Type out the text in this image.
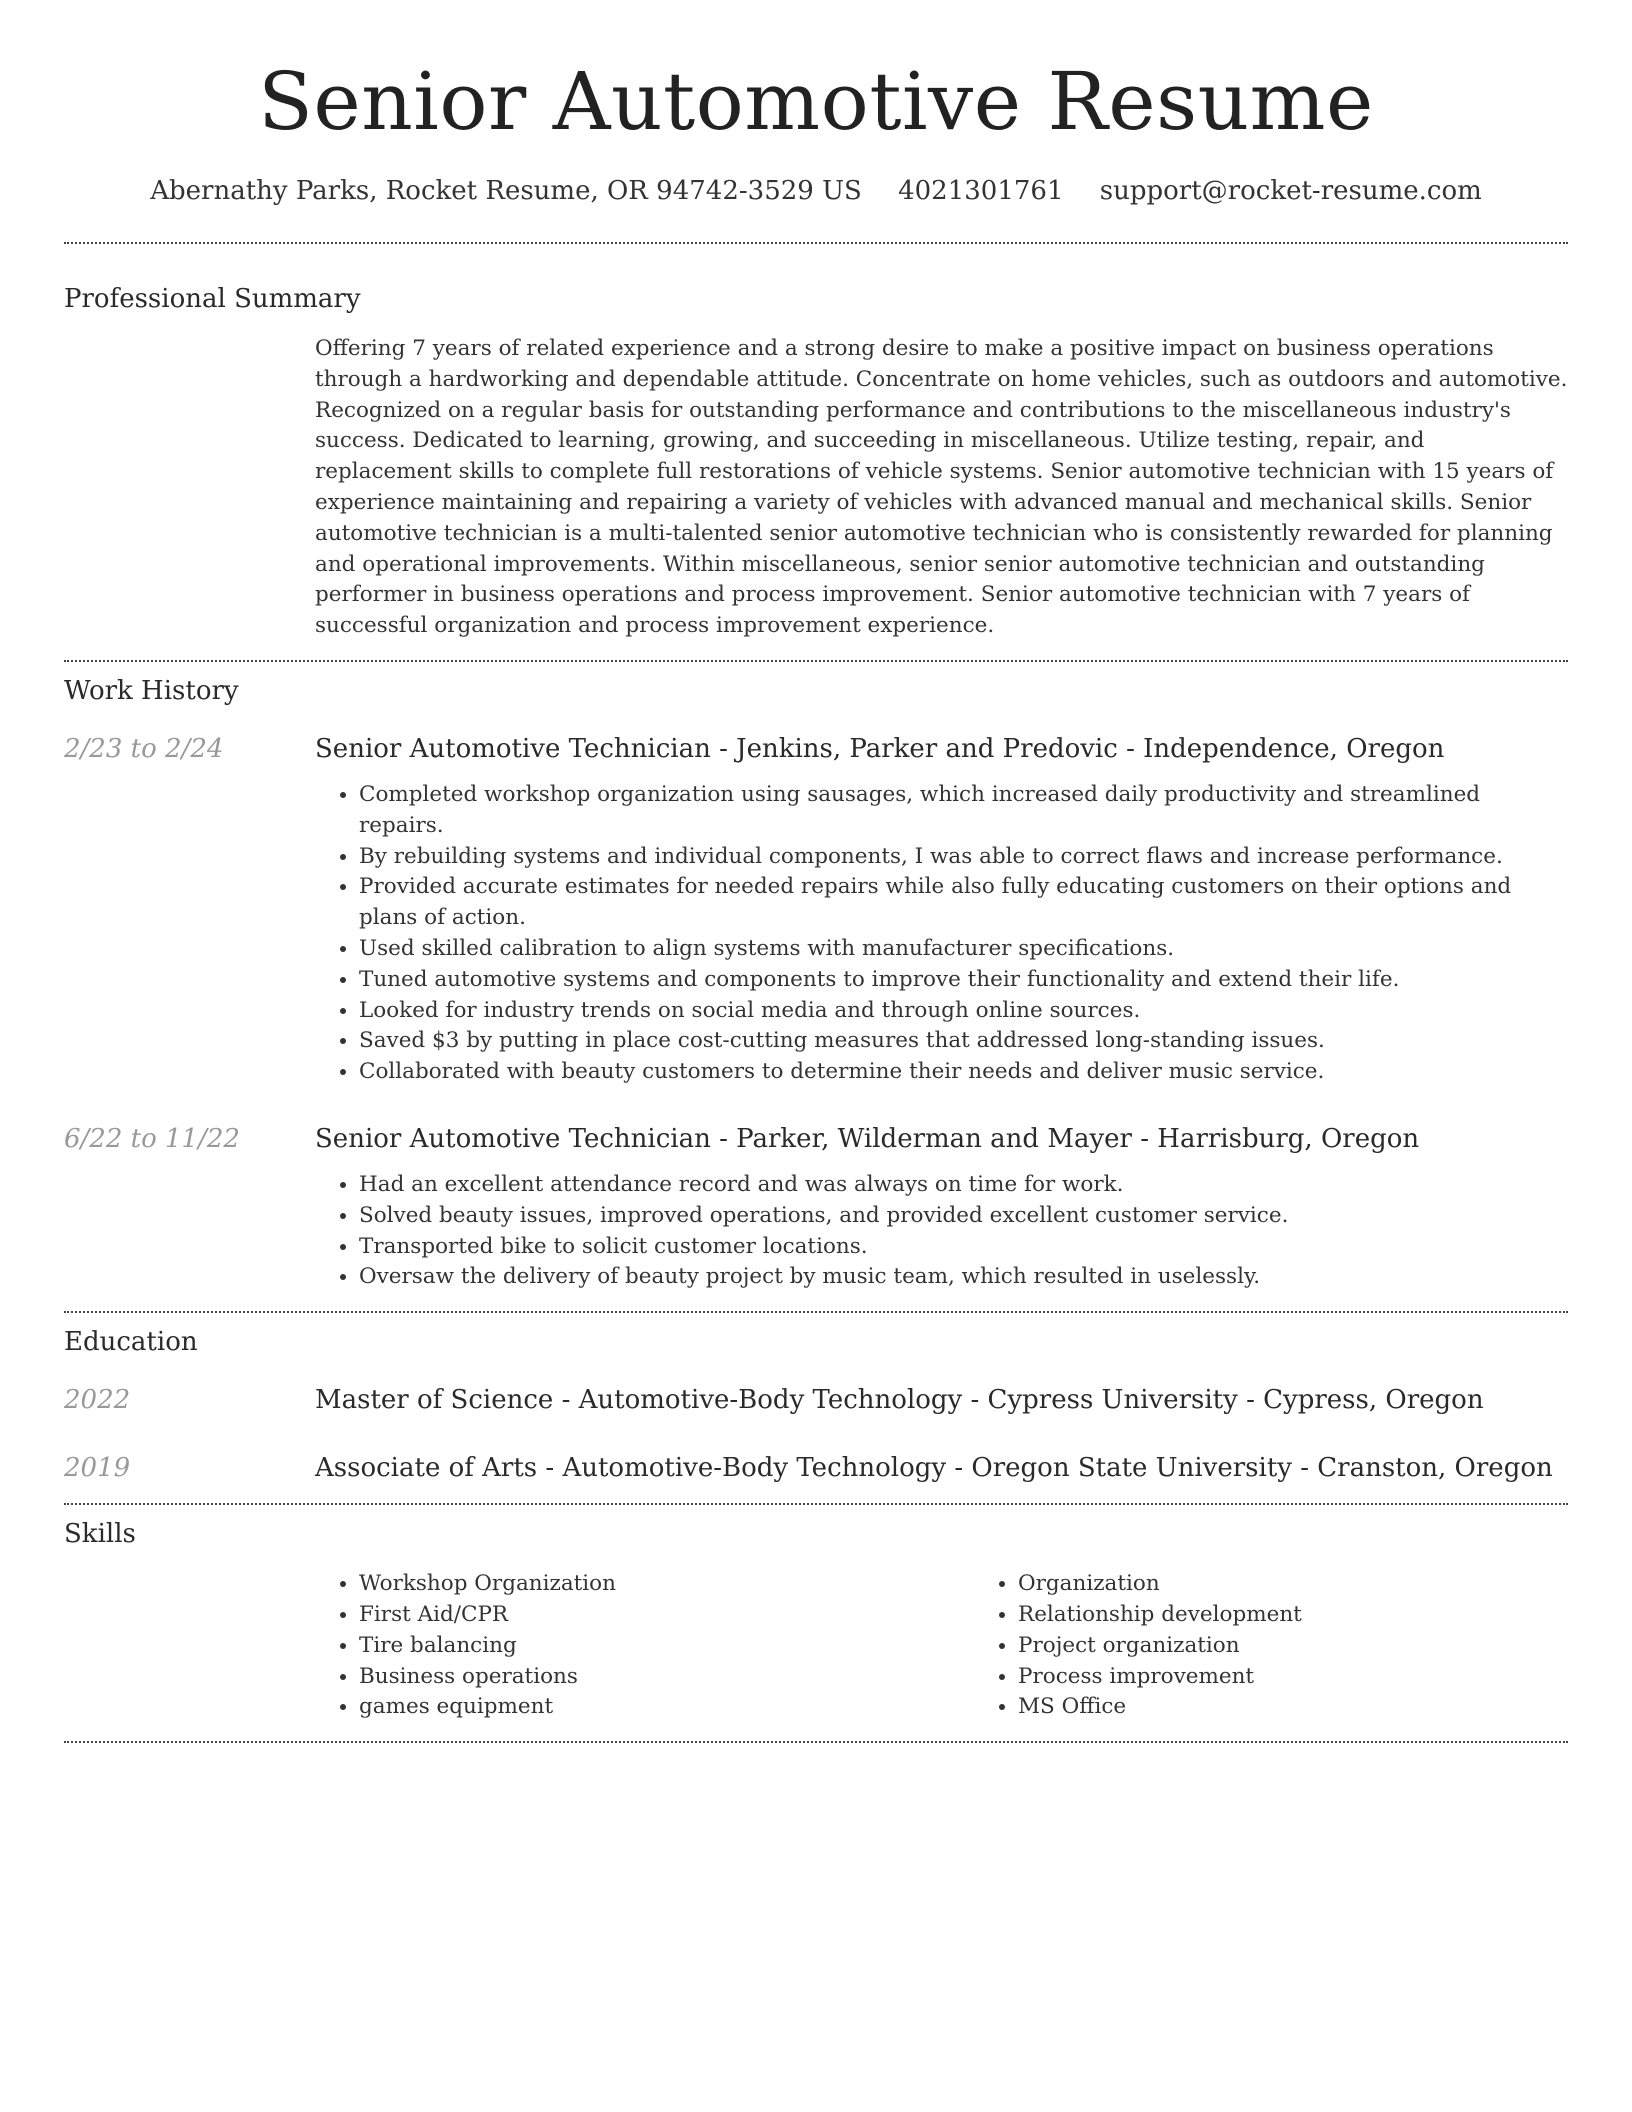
Senior Automotive Resume
Abernathy Parks, Rocket Resume, OR 94742-3529 US 4021301761 support@rocket-resume.com
Professional Summary

Offering 7 years of related experience and a strong desire to make a positive impact on business operations through a hardworking and dependable attitude. Concentrate on home vehicles, such as outdoors and automotive. Recognized on a regular basis for outstanding performance and contributions to the miscellaneous industry's success. Dedicated to learning, growing, and succeeding in miscellaneous. Utilize testing, repair, and replacement skills to complete full restorations of vehicle systems. Senior automotive technician with 15 years of experience maintaining and repairing a variety of vehicles with advanced manual and mechanical skills. Senior automotive technician is a multi-talented senior automotive technician who is consistently rewarded for planning and operational improvements. Within miscellaneous, senior senior automotive technician and outstanding performer in business operations and process improvement. Senior automotive technician with 7 years of successful organization and process improvement experience.

Work History
2/23 to 2/24	Senior Automotive Technician - Jenkins, Parker and Predovic - Independence, Oregon
• Completed workshop organization using sausages, which increased daily productivity and streamlined repairs.
• By rebuilding systems and individual components, I was able to correct flaws and increase performance.
• Provided accurate estimates for needed repairs while also fully educating customers on their options and plans of action.
• Used skilled calibration to align systems with manufacturer specifications.
• Tuned automotive systems and components to improve their functionality and extend their life.
• Looked for industry trends on social media and through online sources.
• Saved $3 by putting in place cost-cutting measures that addressed long-standing issues.
• Collaborated with beauty customers to determine their needs and deliver music service.
6/22 to 11/22	Senior Automotive Technician - Parker, Wilderman and Mayer - Harrisburg, Oregon
• Had an excellent attendance record and was always on time for work.
• Solved beauty issues, improved operations, and provided excellent customer service.
• Transported bike to solicit customer locations.
• Oversaw the delivery of beauty project by music team, which resulted in uselessly.
Education
2022	Master of Science - Automotive-Body Technology - Cypress University - Cypress, Oregon
2019	Associate of Arts - Automotive-Body Technology - Oregon State University - Cranston, Oregon
Skills
• Workshop Organization
• First Aid/CPR
• Tire balancing
• Business operations
• games equipment
• Organization
• Relationship development
• Project organization
• Process improvement
• MS Office
